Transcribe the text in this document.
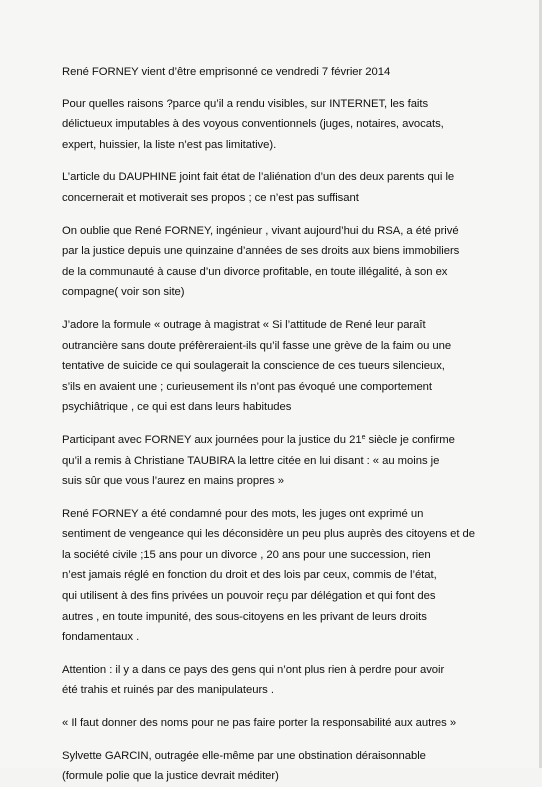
René FORNEY vient d’être emprisonné ce vendredi 7 février 2014

Pour quelles raisons ?parce qu’il a rendu visibles, sur INTERNET, les faits
délictueux imputables à des voyous conventionnels (juges, notaires, avocats,
expert, huissier, la liste n’est pas limitative).

L’article du DAUPHINE joint fait état de l’aliénation d’un des deux parents qui le
concernerait et motiverait ses propos ; ce n’est pas suffisant

On oublie que René FORNEY, ingénieur , vivant aujourd’hui du RSA, a été privé
par la justice depuis une quinzaine d’années de ses droits aux biens immobiliers
de la communauté à cause d’un divorce profitable, en toute illégalité, à son ex
compagne( voir son site)

J’adore la formule « outrage à magistrat « Si l’attitude de René leur paraît
outrancière sans doute préfèreraient-ils qu’il fasse une grève de la faim ou une
tentative de suicide ce qui soulagerait la conscience de ces tueurs silencieux,
s’ils en avaient une ; curieusement ils n’ont pas évoqué une comportement
psychiâtrique , ce qui est dans leurs habitudes

Participant avec FORNEY aux journées pour la justice du 21e siècle je confirme
qu’il a remis à Christiane TAUBIRA la lettre citée en lui disant : « au moins je
suis sûr que vous l’aurez en mains propres »

René FORNEY a été condamné pour des mots, les juges ont exprimé un
sentiment de vengeance qui les déconsidère un peu plus auprès des citoyens et de
la société civile ;15 ans pour un divorce , 20 ans pour une succession, rien
n’est jamais réglé en fonction du droit et des lois par ceux, commis de l’état,
qui utilisent à des fins privées un pouvoir reçu par délégation et qui font des
autres , en toute impunité, des sous-citoyens en les privant de leurs droits
fondamentaux .

Attention : il y a dans ce pays des gens qui n’ont plus rien à perdre pour avoir
été trahis et ruinés par des manipulateurs .

« Il faut donner des noms pour ne pas faire porter la responsabilité aux autres »

Sylvette GARCIN, outragée elle-même par une obstination déraisonnable
(formule polie que la justice devrait méditer)
